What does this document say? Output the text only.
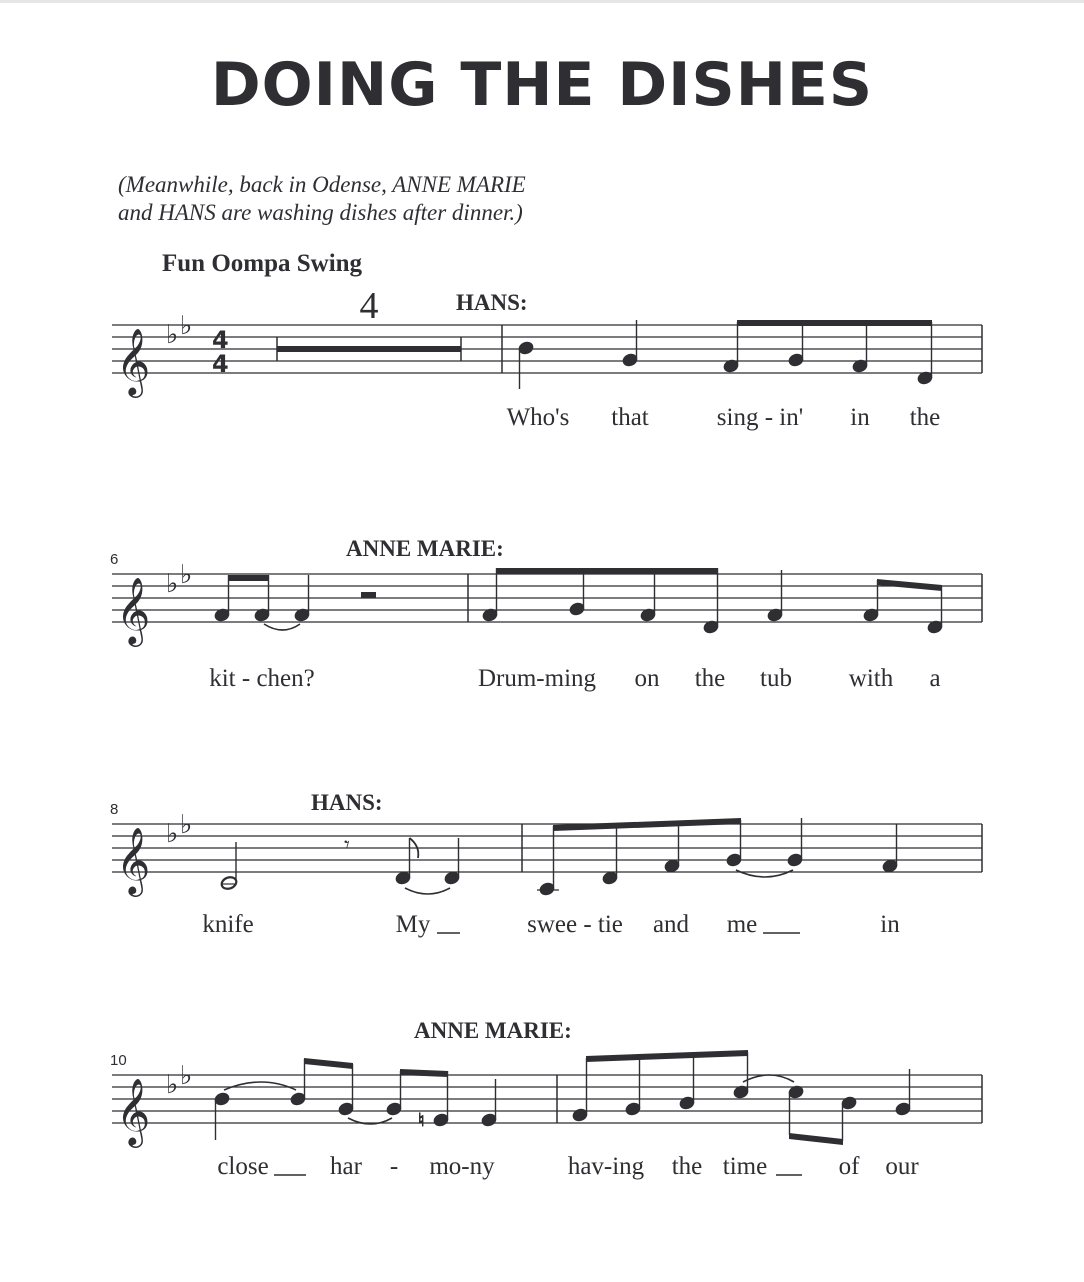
DOING THE DISHES
(Meanwhile, back in Odense, ANNE MARIE
and HANS are washing dishes after dinner.)
Fun Oompa Swing
𝄞 ♭ ♭ 4
4
4	HANS:
Who's that	sing - in' in the
6
𝄞 ♭ ♭
ANNE MARIE:
kit - chen?	Drum-ming on the tub with a
8
𝄞 ♭ ♭
HANS:
𝄾
knife	My	swee - tie and me	in
10
𝄞 ♭ ♭
ANNE MARIE:
♮
close har - mo-ny	hav-ing the time	of our
